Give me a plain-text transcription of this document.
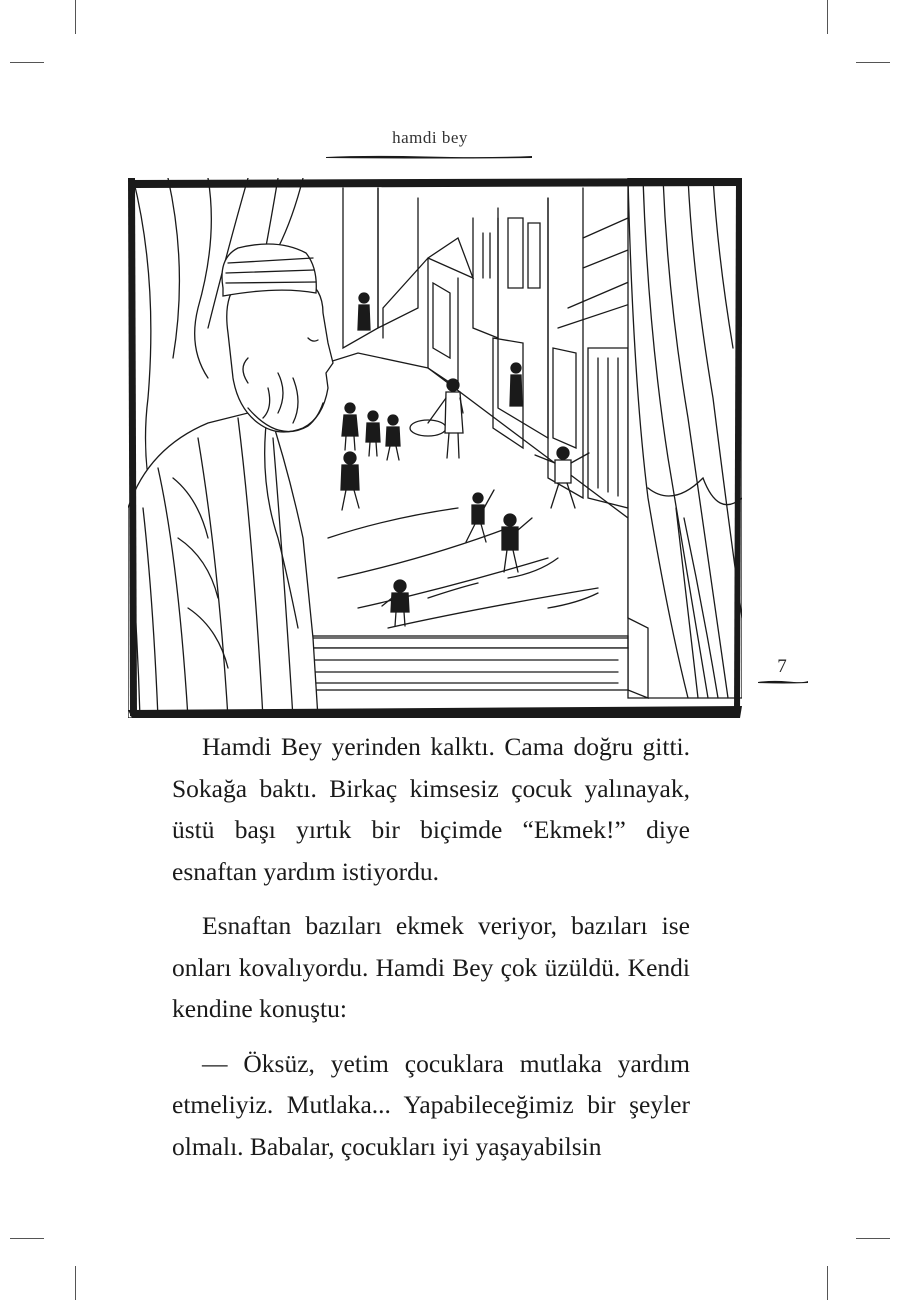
hamdi bey
7

Hamdi Bey yerinden kalktı. Cama doğru gitti. Sokağa baktı. Birkaç kimsesiz çocuk yalınayak, üstü başı yırtık bir biçimde “Ekmek!” diye esnaftan yardım istiyordu.

Esnaftan bazıları ekmek veriyor, bazıları ise onları kovalıyordu. Hamdi Bey çok üzüldü. Kendi kendine konuştu:

— Öksüz, yetim çocuklara mutlaka yardım etmeliyiz. Mutlaka... Yapabileceğimiz bir şeyler olmalı. Babalar, çocukları iyi yaşayabilsin
